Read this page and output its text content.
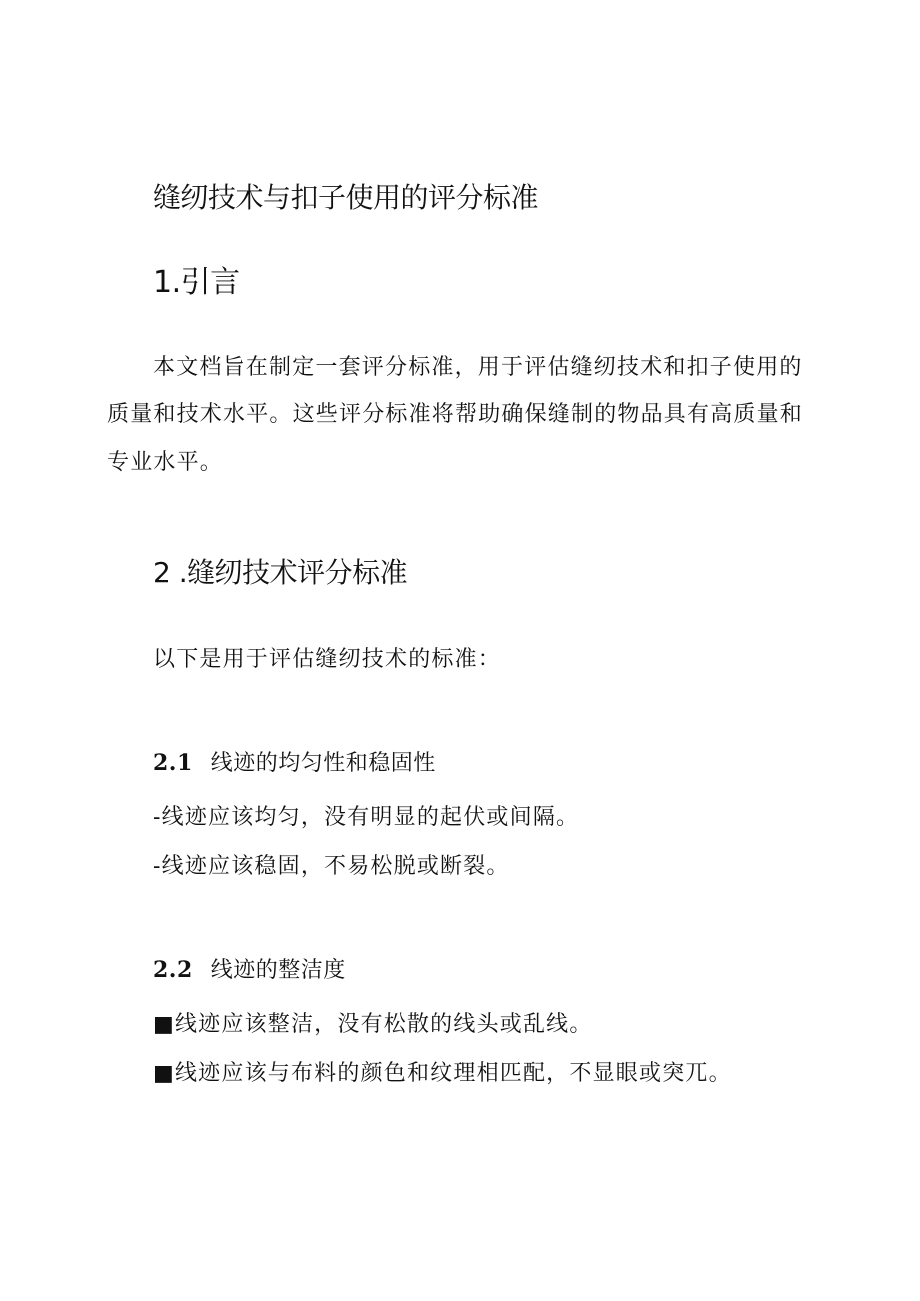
缝纫技术与扣子使用的评分标准
1.引言

本文档旨在制定一套评分标准，用于评估缝纫技术和扣子使用的

质量和技术水平。这些评分标准将帮助确保缝制的物品具有高质量和

专业水平。

2 .缝纫技术评分标准

以下是用于评估缝纫技术的标准：

2.1 线迹的均匀性和稳固性

-线迹应该均匀，没有明显的起伏或间隔。

-线迹应该稳固，不易松脱或断裂。

2.2 线迹的整洁度

■线迹应该整洁，没有松散的线头或乱线。

■线迹应该与布料的颜色和纹理相匹配，不显眼或突兀。
